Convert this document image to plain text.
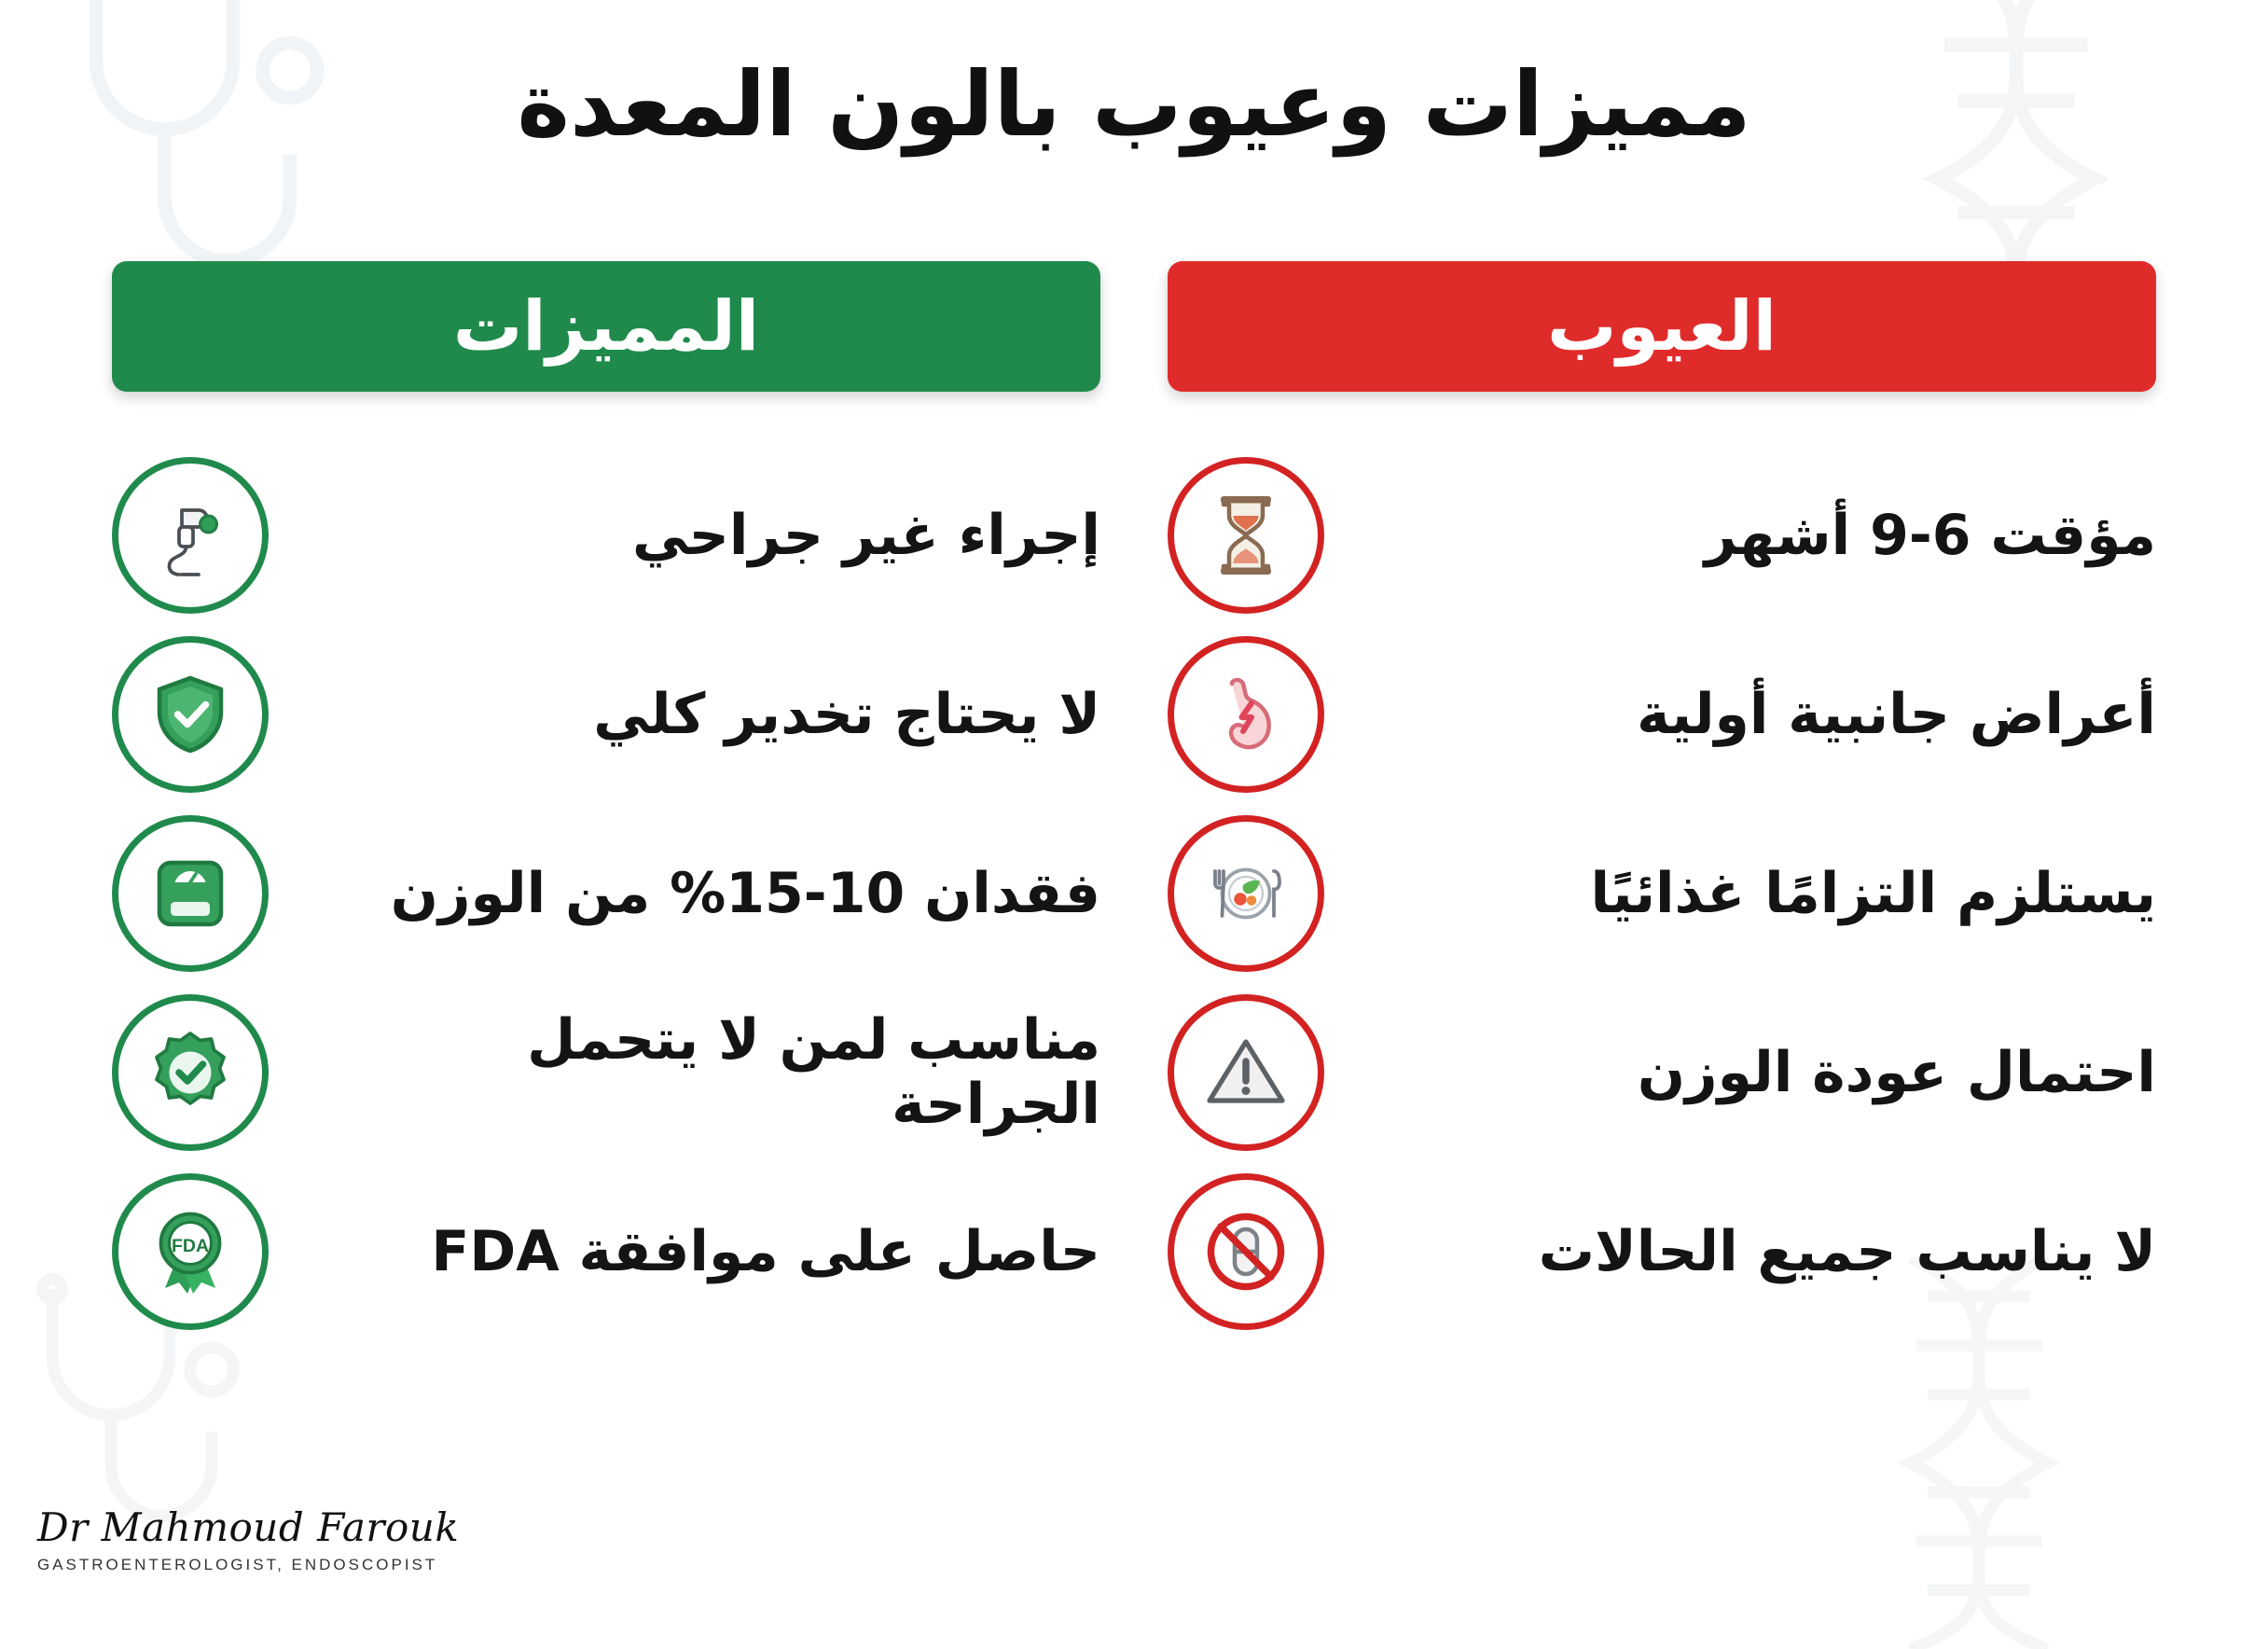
مميزات وعيوب بالون المعدة
العيوب
مؤقت 6-9 أشهر
أعراض جانبية أولية
يستلزم التزامًا غذائيًا
احتمال عودة الوزن
لا يناسب جميع الحالات
المميزات
إجراء غير جراحي
لا يحتاج تخدير كلي
فقدان 10-15% من الوزن
مناسب لمن لا يتحمل الجراحة
حاصل على موافقة FDA
FDA
Dr Mahmoud Farouk
GASTROENTEROLOGIST, ENDOSCOPIST
